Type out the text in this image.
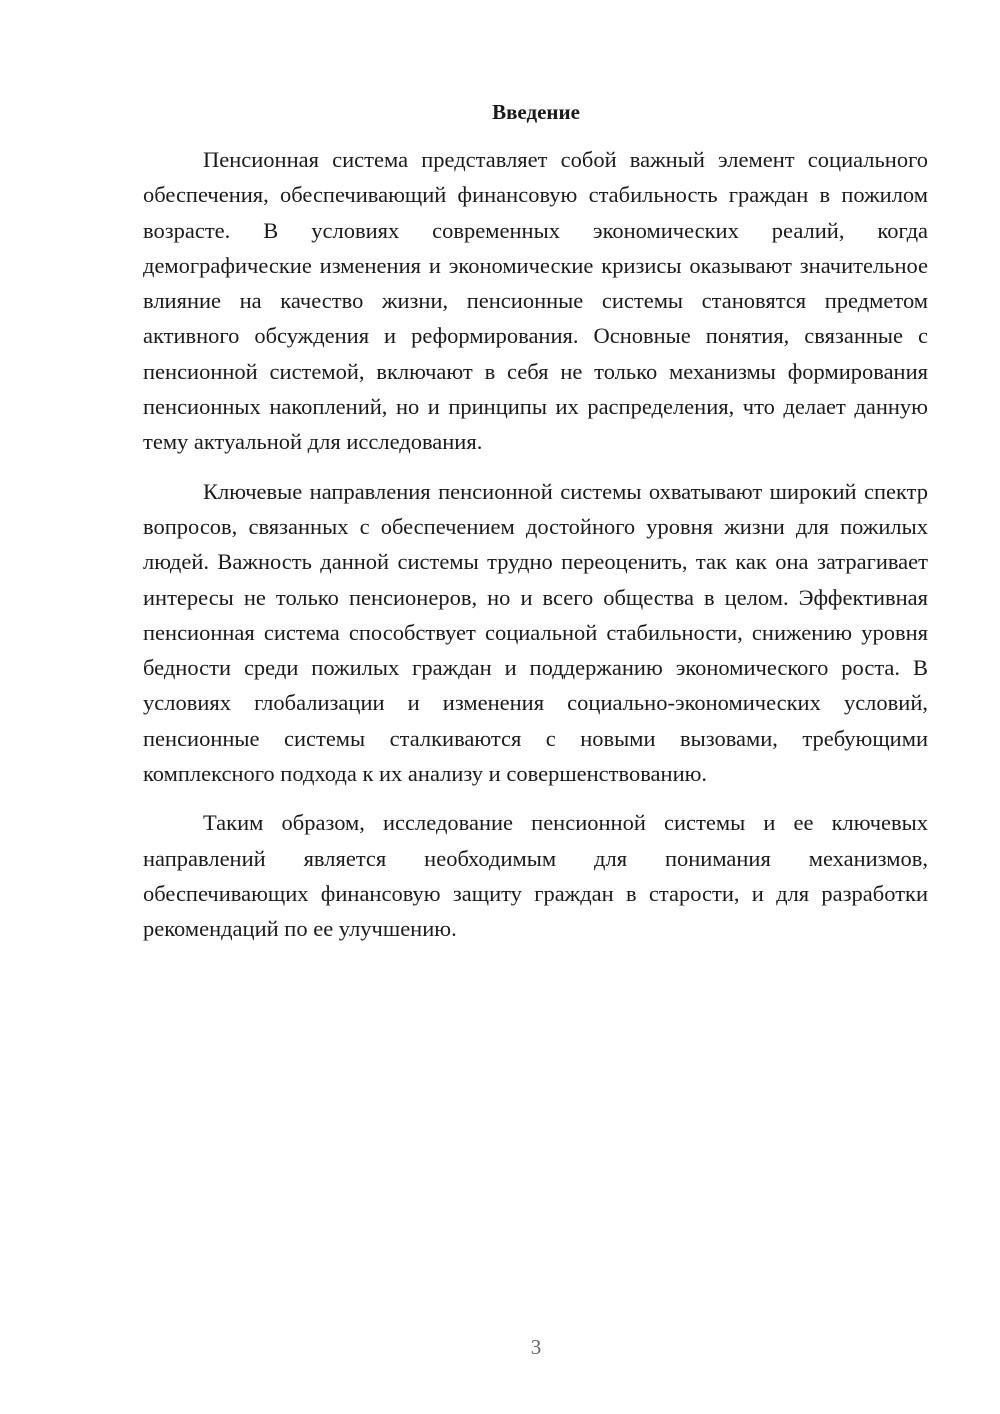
Введение

Пенсионная система представляет собой важный элемент социального обеспечения, обеспечивающий финансовую стабильность граждан в пожилом возрасте. В условиях современных экономических реалий, когда демографические изменения и экономические кризисы оказывают значительное влияние на качество жизни, пенсионные системы становятся предметом активного обсуждения и реформирования. Основные понятия, связанные с пенсионной системой, включают в себя не только механизмы формирования пенсионных накоплений, но и принципы их распределения, что делает данную тему актуальной для исследования.

Ключевые направления пенсионной системы охватывают широкий спектр вопросов, связанных с обеспечением достойного уровня жизни для пожилых людей. Важность данной системы трудно переоценить, так как она затрагивает интересы не только пенсионеров, но и всего общества в целом. Эффективная пенсионная система способствует социальной стабильности, снижению уровня бедности среди пожилых граждан и поддержанию экономического роста. В условиях глобализации и изменения социально-экономических условий, пенсионные системы сталкиваются с новыми вызовами, требующими комплексного подхода к их анализу и совершенствованию.

Таким образом, исследование пенсионной системы и ее ключевых направлений является необходимым для понимания механизмов, обеспечивающих финансовую защиту граждан в старости, и для разработки рекомендаций по ее улучшению.

3
